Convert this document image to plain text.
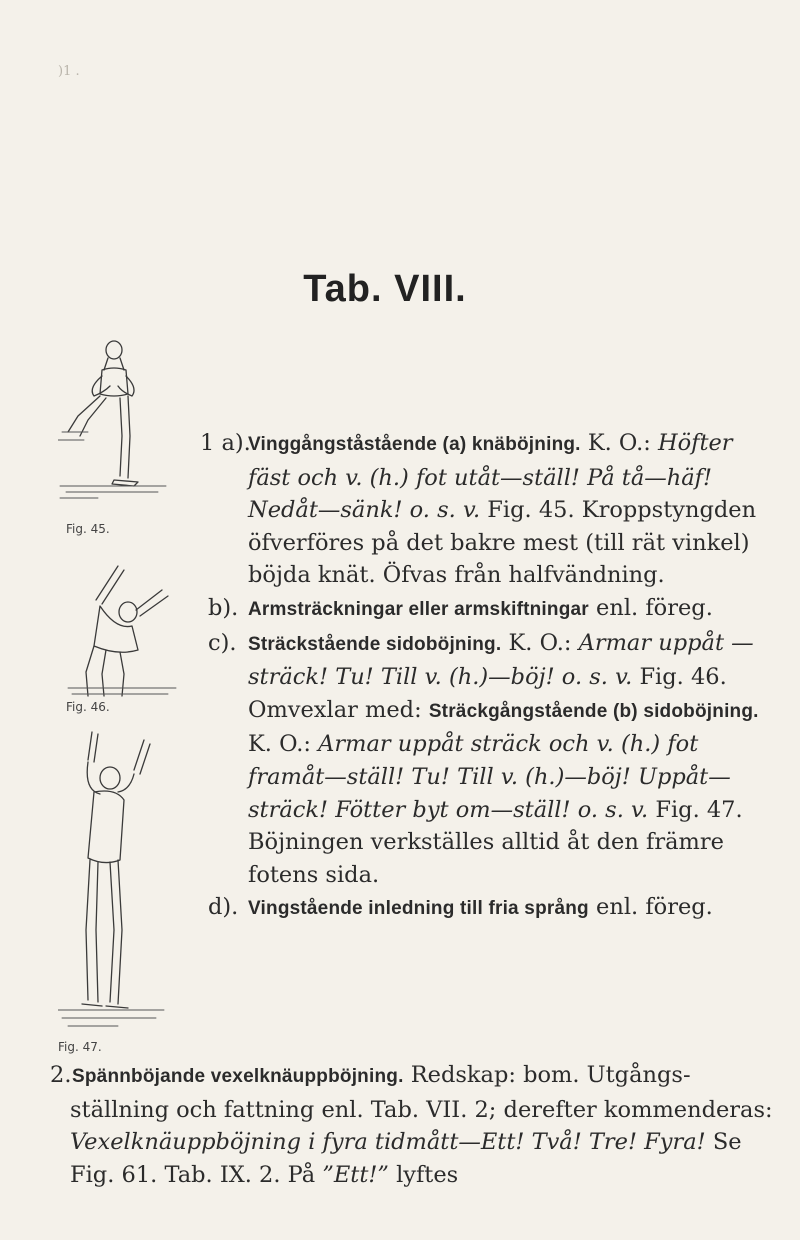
)1 .
Tab. VIII.
Fig. 45.
Fig. 46.
Fig. 47.
1 a).
Vinggångståstående (a) knäböjning. K. O.: Höfter fäst och v. (h.) fot utåt—ställ! På tå—häf! Nedåt—sänk! o. s. v. Fig. 45. Kroppstyngden öfverföres på det bakre mest (till rät vinkel) böjda knät. Öfvas från halfvändning.
b). Armsträckningar eller armskiftningar enl. föreg.
c). Sträckstående sidoböjning. K. O.: Armar uppåt —sträck! Tu! Till v. (h.)—böj! o. s. v. Fig. 46. Omvexlar med: Sträckgångstående (b) sidoböjning. K. O.: Armar uppåt sträck och v. (h.) fot framåt—ställ! Tu! Till v. (h.)—böj! Uppåt—sträck! Fötter byt om—ställ! o. s. v. Fig. 47. Böjningen verkställes alltid åt den främre fotens sida.
d). Vingstående inledning till fria språng enl. föreg.
2. Spännböjande vexelknäuppböjning. Redskap: bom. Utgångsställning och fattning enl. Tab. VII. 2; derefter kommenderas: Vexelknäuppböjning i fyra tidmått—Ett! Två! Tre! Fyra! Se Fig. 61. Tab. IX. 2. På ”Ett!” lyftes
